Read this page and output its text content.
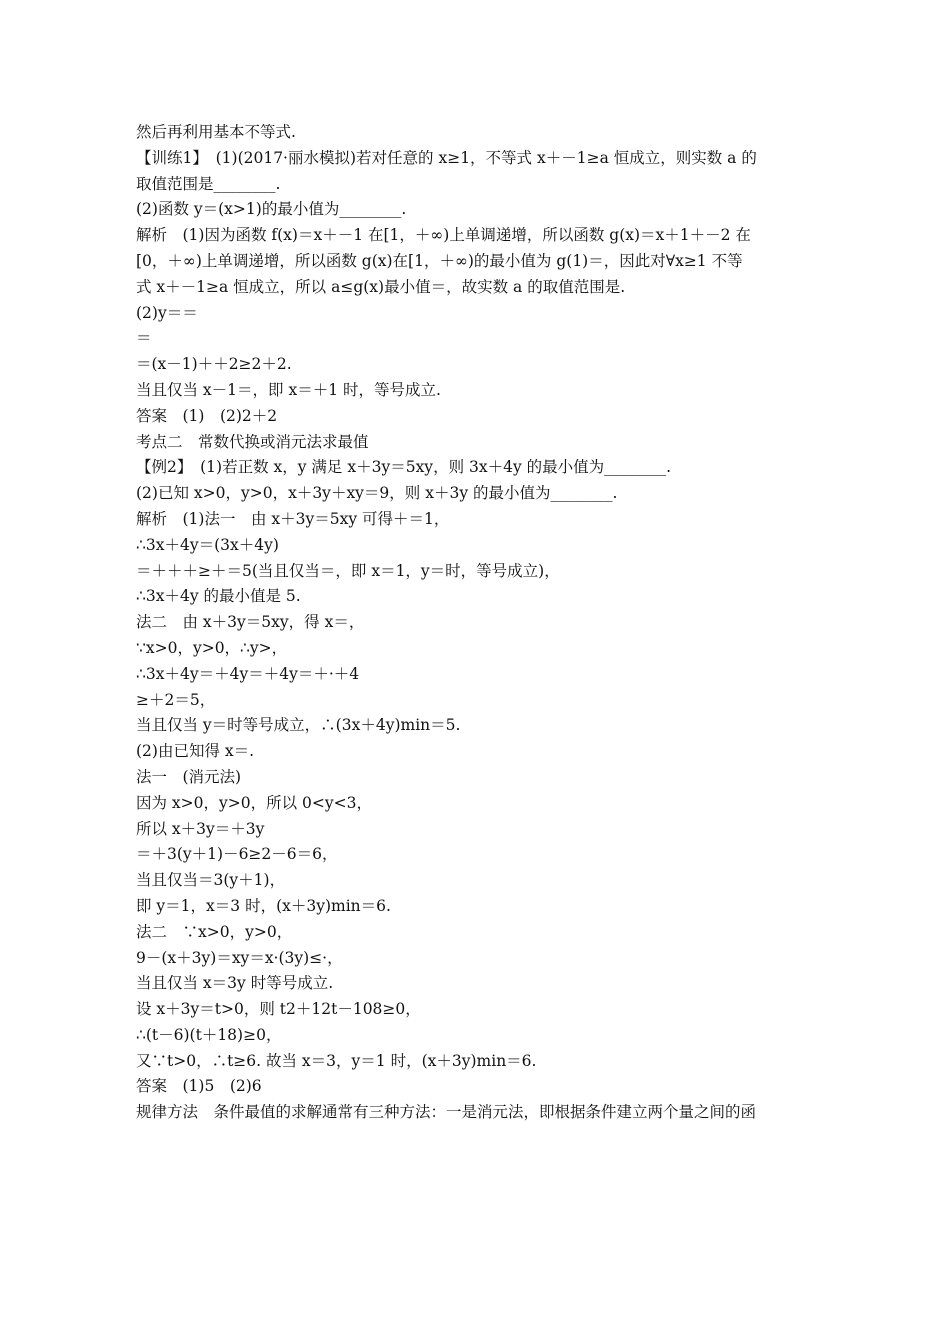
然后再利用基本不等式.
【训练1】　(1)(2017·丽水模拟)若对任意的 x≥1，不等式 x＋－1≥a 恒成立，则实数 a 的
取值范围是________.
(2)函数 y＝(x>1)的最小值为________.
解析　(1)因为函数 f(x)＝x＋－1 在[1，＋∞)上单调递增，所以函数 g(x)＝x＋1＋－2 在
[0，＋∞)上单调递增，所以函数 g(x)在[1，＋∞)的最小值为 g(1)＝，因此对∀x≥1 不等
式 x＋－1≥a 恒成立，所以 a≤g(x)最小值＝，故实数 a 的取值范围是.
(2)y＝＝
＝
＝(x－1)＋＋2≥2＋2.
当且仅当 x－1＝，即 x＝＋1 时，等号成立.
答案　(1)　(2)2＋2
考点二　常数代换或消元法求最值
【例2】　(1)若正数 x，y 满足 x＋3y＝5xy，则 3x＋4y 的最小值为________.
(2)已知 x>0，y>0，x＋3y＋xy＝9，则 x＋3y 的最小值为________.
解析　(1)法一　由 x＋3y＝5xy 可得＋＝1，
∴3x＋4y＝(3x＋4y)
＝＋＋＋≥＋＝5(当且仅当＝，即 x＝1，y＝时，等号成立)，
∴3x＋4y 的最小值是 5.
法二　由 x＋3y＝5xy，得 x＝，
∵x>0，y>0，∴y>，
∴3x＋4y＝＋4y＝＋4y＝＋·＋4
≥＋2＝5，
当且仅当 y＝时等号成立，∴(3x＋4y)min＝5.
(2)由已知得 x＝.
法一　(消元法)
因为 x>0，y>0，所以 0<y<3，
所以 x＋3y＝＋3y
＝＋3(y＋1)－6≥2－6＝6，
当且仅当＝3(y＋1)，
即 y＝1，x＝3 时，(x＋3y)min＝6.
法二　∵x>0，y>0，
9－(x＋3y)＝xy＝x·(3y)≤·，
当且仅当 x＝3y 时等号成立.
设 x＋3y＝t>0，则 t2＋12t－108≥0，
∴(t－6)(t＋18)≥0，
又∵t>0，∴t≥6. 故当 x＝3，y＝1 时，(x＋3y)min＝6.
答案　(1)5　(2)6
规律方法　条件最值的求解通常有三种方法：一是消元法，即根据条件建立两个量之间的函
